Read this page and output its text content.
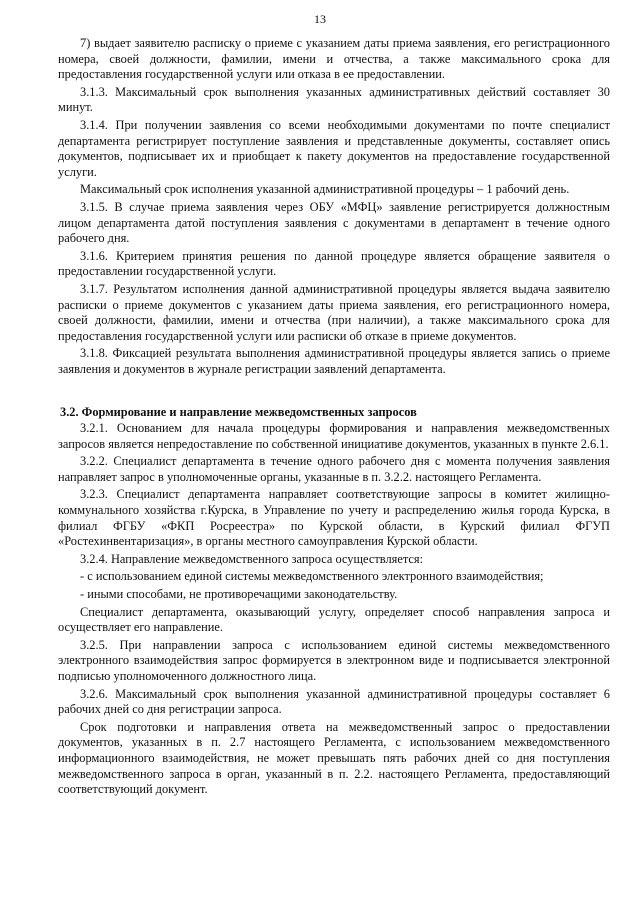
13

7) выдает заявителю расписку о приеме с указанием даты приема заявления, его регистрационного номера, своей должности, фамилии, имени и отчества, а также максимального срока для предоставления государственной услуги или отказа в ее предоставлении.

3.1.3. Максимальный срок выполнения указанных административных действий составляет 30 минут.

3.1.4. При получении заявления со всеми необходимыми документами по почте специалист департамента регистрирует поступление заявления и представленные документы, составляет опись документов, подписывает их и приобщает к пакету документов на предоставление государственной услуги.

Максимальный срок исполнения указанной административной процедуры – 1 рабочий день.

3.1.5. В случае приема заявления через ОБУ «МФЦ» заявление регистрируется должностным лицом департамента датой поступления заявления с документами в департамент в течение одного рабочего дня.

3.1.6. Критерием принятия решения по данной процедуре является обращение заявителя о предоставлении государственной услуги.

3.1.7. Результатом исполнения данной административной процедуры является выдача заявителю расписки о приеме документов с указанием даты приема заявления, его регистрационного номера, своей должности, фамилии, имени и отчества (при наличии), а также максимального срока для предоставления государственной услуги или расписки об отказе в приеме документов.

3.1.8. Фиксацией результата выполнения административной процедуры является запись о приеме заявления и документов в журнале регистрации заявлений департамента.

3.2. Формирование и направление межведомственных запросов

3.2.1. Основанием для начала процедуры формирования и направления межведомственных запросов является непредоставление по собственной инициативе документов, указанных в пункте 2.6.1.

3.2.2. Специалист департамента в течение одного рабочего дня с момента получения заявления направляет запрос в уполномоченные органы, указанные в п. 3.2.2. настоящего Регламента.

3.2.3. Специалист департамента направляет соответствующие запросы в комитет жилищно-коммунального хозяйства г.Курска, в Управление по учету и распределению жилья города Курска, в филиал ФГБУ «ФКП Росреестра» по Курской области, в Курский филиал ФГУП «Ростехинвентаризация», в органы местного самоуправления Курской области.

3.2.4. Направление межведомственного запроса осуществляется:

- с использованием единой системы межведомственного электронного взаимодействия;

- иными способами, не противоречащими законодательству.

Специалист департамента, оказывающий услугу, определяет способ направления запроса и осуществляет его направление.

3.2.5. При направлении запроса с использованием единой системы межведомственного электронного взаимодействия запрос формируется в электронном виде и подписывается электронной подписью уполномоченного должностного лица.

3.2.6. Максимальный срок выполнения указанной административной процедуры составляет 6 рабочих дней со дня регистрации запроса.

Срок подготовки и направления ответа на межведомственный запрос о предоставлении документов, указанных в п. 2.7 настоящего Регламента, с использованием межведомственного информационного взаимодействия, не может превышать пять рабочих дней со дня поступления межведомственного запроса в орган, указанный в п. 2.2. настоящего Регламента, предоставляющий соответствующий документ.
